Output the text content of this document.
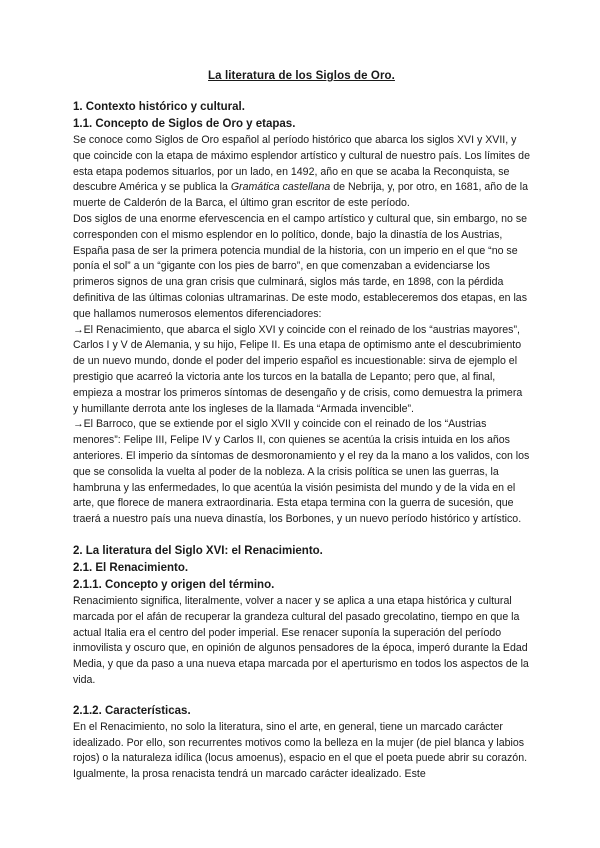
La literatura de los Siglos de Oro.
1. Contexto histórico y cultural.
1.1. Concepto de Siglos de Oro y etapas.

Se conoce como Siglos de Oro español al período histórico que abarca los siglos XVI y XVII, y que coincide con la etapa de máximo esplendor artístico y cultural de nuestro país. Los límites de esta etapa podemos situarlos, por un lado, en 1492, año en que se acaba la Reconquista, se descubre América y se publica la Gramática castellana de Nebrija, y, por otro, en 1681, año de la muerte de Calderón de la Barca, el último gran escritor de este período.

Dos siglos de una enorme efervescencia en el campo artístico y cultural que, sin embargo, no se corresponden con el mismo esplendor en lo político, donde, bajo la dinastía de los Austrias, España pasa de ser la primera potencia mundial de la historia, con un imperio en el que “no se ponía el sol” a un “gigante con los pies de barro”, en que comenzaban a evidenciarse los primeros signos de una gran crisis que culminará, siglos más tarde, en 1898, con la pérdida definitiva de las últimas colonias ultramarinas. De este modo, estableceremos dos etapas, en las que hallamos numerosos elementos diferenciadores:

→El Renacimiento, que abarca el siglo XVI y coincide con el reinado de los “austrias mayores”, Carlos I y V de Alemania, y su hijo, Felipe II. Es una etapa de optimismo ante el descubrimiento de un nuevo mundo, donde el poder del imperio español es incuestionable: sirva de ejemplo el prestigio que acarreó la victoria ante los turcos en la batalla de Lepanto; pero que, al final, empieza a mostrar los primeros síntomas de desengaño y de crisis, como demuestra la primera y humillante derrota ante los ingleses de la llamada “Armada invencible”.

→El Barroco, que se extiende por el siglo XVII y coincide con el reinado de los “Austrias menores”: Felipe III, Felipe IV y Carlos II, con quienes se acentúa la crisis intuida en los años anteriores. El imperio da síntomas de desmoronamiento y el rey da la mano a los validos, con los que se consolida la vuelta al poder de la nobleza. A la crisis política se unen las guerras, la hambruna y las enfermedades, lo que acentúa la visión pesimista del mundo y de la vida en el arte, que florece de manera extraordinaria. Esta etapa termina con la guerra de sucesión, que traerá a nuestro país una nueva dinastía, los Borbones, y un nuevo período histórico y artístico.

2. La literatura del Siglo XVI: el Renacimiento.
2.1. El Renacimiento.
2.1.1. Concepto y origen del término.

Renacimiento significa, literalmente, volver a nacer y se aplica a una etapa histórica y cultural marcada por el afán de recuperar la grandeza cultural del pasado grecolatino, tiempo en que la actual Italia era el centro del poder imperial. Ese renacer suponía la superación del período inmovilista y oscuro que, en opinión de algunos pensadores de la época, imperó durante la Edad Media, y que da paso a una nueva etapa marcada por el aperturismo en todos los aspectos de la vida.

2.1.2. Características.

En el Renacimiento, no solo la literatura, sino el arte, en general, tiene un marcado carácter idealizado. Por ello, son recurrentes motivos como la belleza en la mujer (de piel blanca y labios rojos) o la naturaleza idílica (locus amoenus), espacio en el que el poeta puede abrir su corazón. Igualmente, la prosa renacista tendrá un marcado carácter idealizado. Este
